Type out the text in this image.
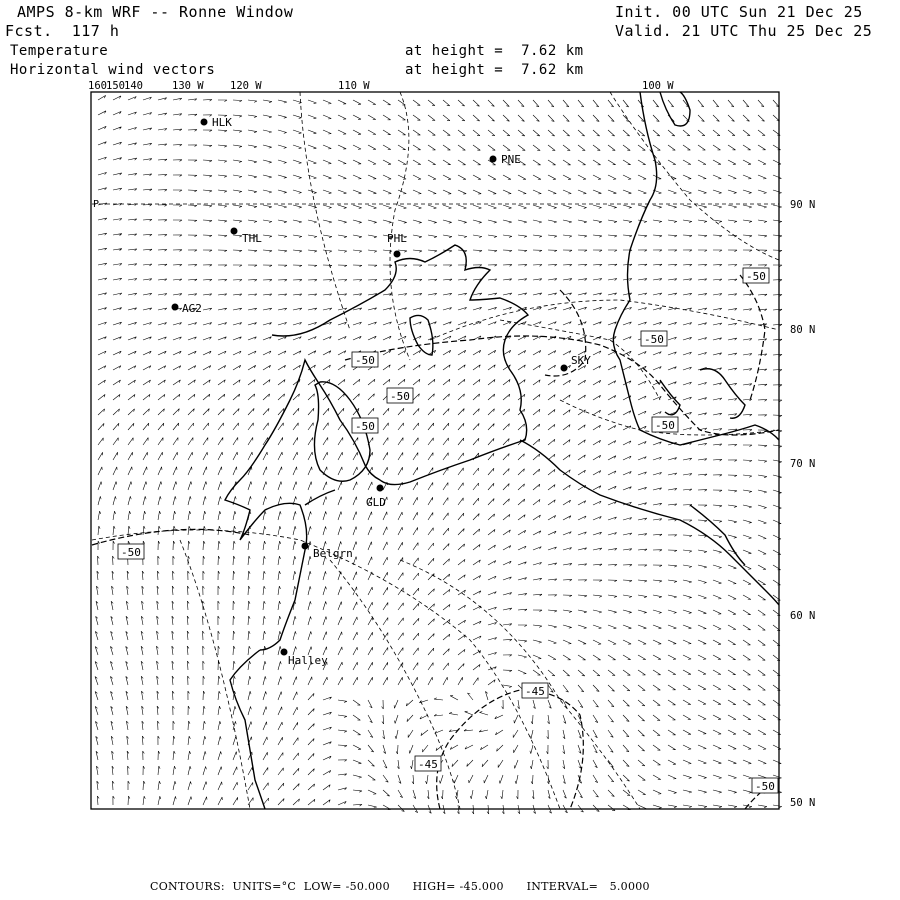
AMPS 8-km WRF -- Ronne Window
Fcst.  117 h
Init. 00 UTC Sun 21 Dec 25
Valid. 21 UTC Thu 25 Dec 25
Temperature
Horizontal wind vectors
at height =  7.62 km
at height =  7.62 km
HLK
PNE
THL	PHL
AG2
SKY
GLD
Belgrn
Halley
-50
-50
-50
-50
-50	-50
-50
-50
-45
-45
160 150 140	130 W	120 W	110 W	100 W
90 N
80 N
70 N
60 N
50 N
P
CONTOURS:  UNITS=°C  LOW= -50.000      HIGH= -45.000      INTERVAL=   5.0000
